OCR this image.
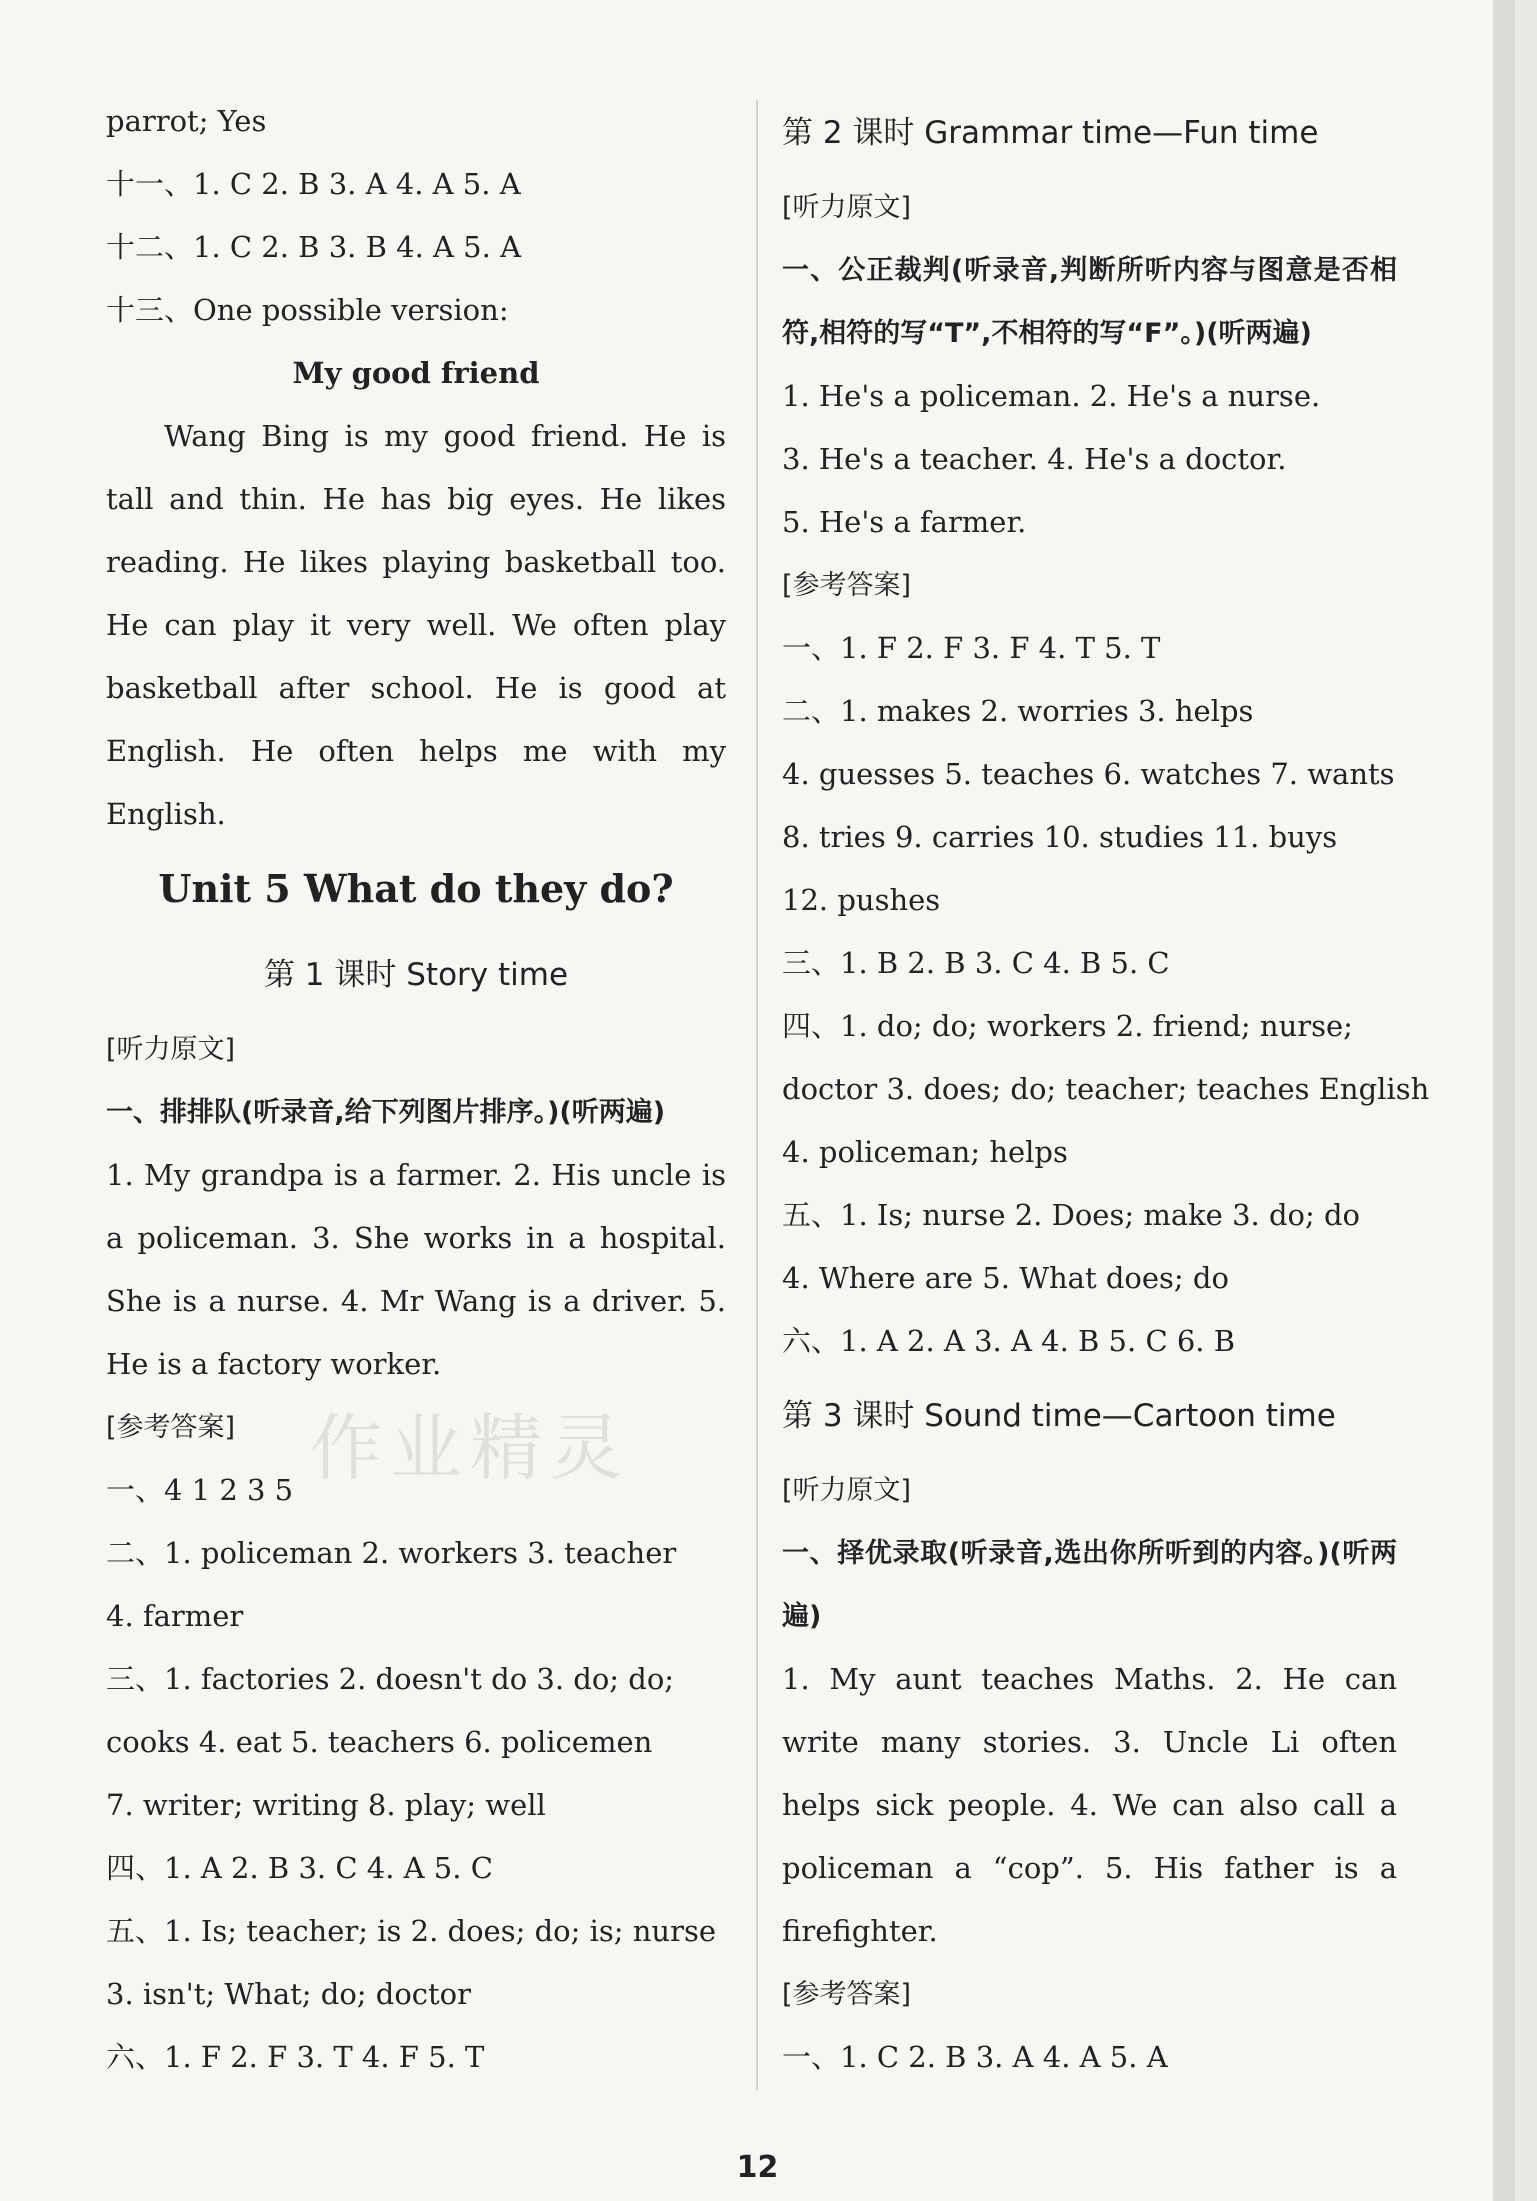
parrot; Yes
十一、1. C 2. B 3. A 4. A 5. A
十二、1. C 2. B 3. B 4. A 5. A
十三、One possible version:
My good friend
Wang Bing is my good friend. He is tall and thin. He has big eyes. He likes reading. He likes playing basketball too. He can play it very well. We often play basketball after school. He is good at English. He often helps me with my English.
Unit 5 What do they do?
第 1 课时 Story time
[听力原文]
一、排排队(听录音,给下列图片排序。)(听两遍)
1. My grandpa is a farmer. 2. His uncle is a policeman. 3. She works in a hospital. She is a nurse. 4. Mr Wang is a driver. 5. He is a factory worker.
[参考答案]
一、4 1 2 3 5
二、1. policeman 2. workers 3. teacher
4. farmer
三、1. factories 2. doesn't do 3. do; do;
cooks 4. eat 5. teachers 6. policemen
7. writer; writing 8. play; well
四、1. A 2. B 3. C 4. A 5. C
五、1. Is; teacher; is 2. does; do; is; nurse
3. isn't; What; do; doctor
六、1. F 2. F 3. T 4. F 5. T
第 2 课时 Grammar time—Fun time
[听力原文]
一、公正裁判(听录音,判断所听内容与图意是否相符,相符的写“T”,不相符的写“F”。)(听两遍)
1. He's a policeman. 2. He's a nurse.
3. He's a teacher. 4. He's a doctor.
5. He's a farmer.
[参考答案]
一、1. F 2. F 3. F 4. T 5. T
二、1. makes 2. worries 3. helps
4. guesses 5. teaches 6. watches 7. wants
8. tries 9. carries 10. studies 11. buys
12. pushes
三、1. B 2. B 3. C 4. B 5. C
四、1. do; do; workers 2. friend; nurse;
doctor 3. does; do; teacher; teaches English
4. policeman; helps
五、1. Is; nurse 2. Does; make 3. do; do
4. Where are 5. What does; do
六、1. A 2. A 3. A 4. B 5. C 6. B
第 3 课时 Sound time—Cartoon time
[听力原文]
一、择优录取(听录音,选出你所听到的内容。)(听两遍)
1. My aunt teaches Maths. 2. He can write many stories. 3. Uncle Li often helps sick people. 4. We can also call a policeman a “cop”. 5. His father is a firefighter.
[参考答案]
一、1. C 2. B 3. A 4. A 5. A
作业精灵
12
